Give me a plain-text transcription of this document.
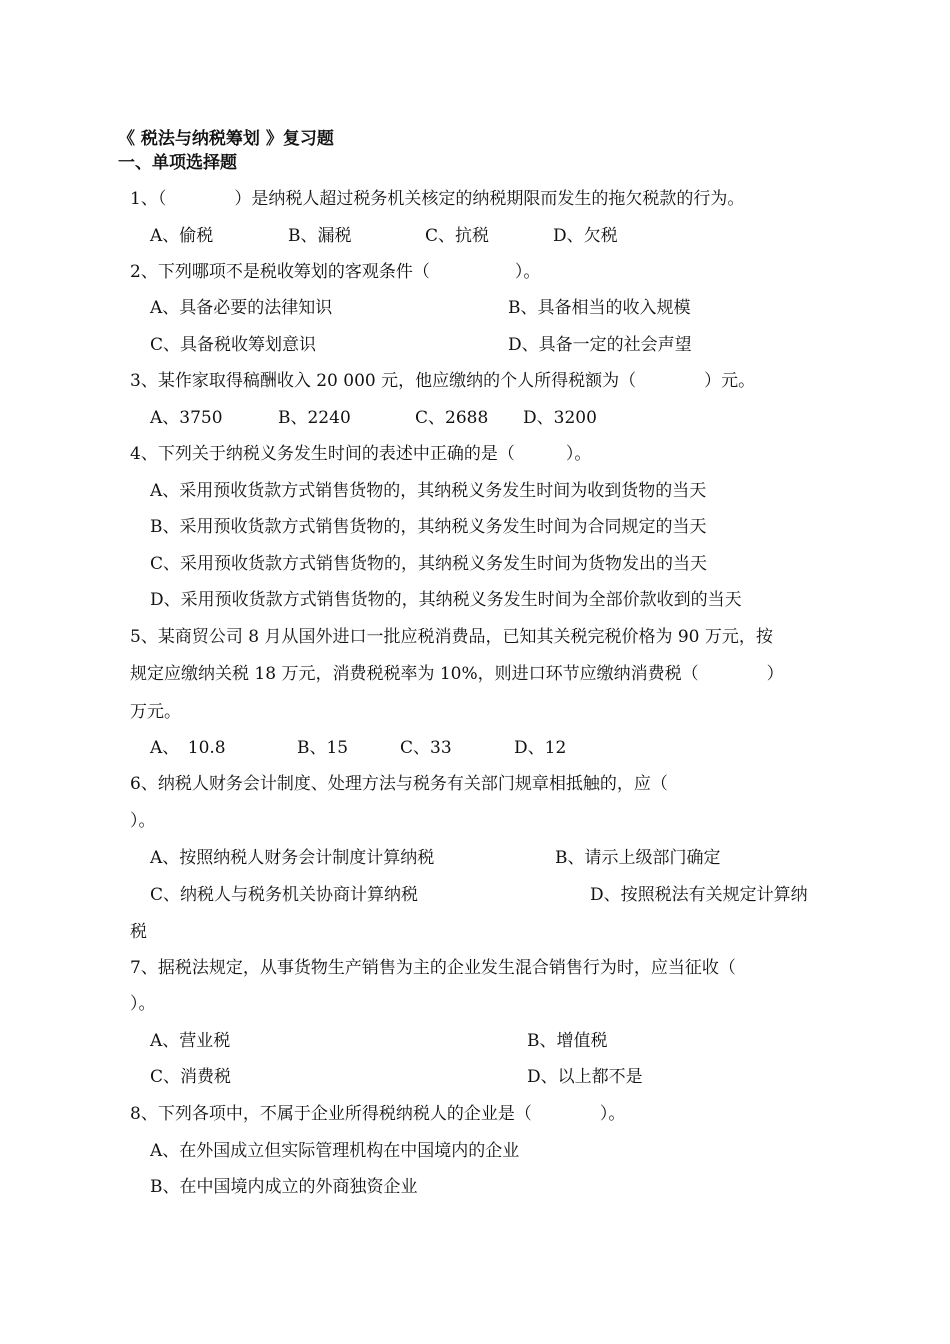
《 税法与纳税筹划 》复习题
一、单项选择题
1、（　　　　）是纳税人超过税务机关核定的纳税期限而发生的拖欠税款的行为。
A、偷税	B、漏税	C、抗税	D、欠税
2、下列哪项不是税收筹划的客观条件（　　　　　）。
A、具备必要的法律知识	B、具备相当的收入规模
C、具备税收筹划意识	D、具备一定的社会声望
3、某作家取得稿酬收入 20 000 元，他应缴纳的个人所得税额为（　　　　）元。
A、3750	B、2240	C、2688 D、3200
4、下列关于纳税义务发生时间的表述中正确的是（　　　）。
A、采用预收货款方式销售货物的，其纳税义务发生时间为收到货物的当天
B、采用预收货款方式销售货物的，其纳税义务发生时间为合同规定的当天
C、采用预收货款方式销售货物的，其纳税义务发生时间为货物发出的当天
D、采用预收货款方式销售货物的，其纳税义务发生时间为全部价款收到的当天
5、某商贸公司 8 月从国外进口一批应税消费品，已知其关税完税价格为 90 万元，按
规定应缴纳关税 18 万元，消费税税率为 10%，则进口环节应缴纳消费税（　　　　）
万元。
A、　10.8	B、15	C、33	D、12
6、纳税人财务会计制度、处理方法与税务有关部门规章相抵触的，应（
）。
A、按照纳税人财务会计制度计算纳税	B、请示上级部门确定
C、纳税人与税务机关协商计算纳税	D、按照税法有关规定计算纳
税
7、据税法规定，从事货物生产销售为主的企业发生混合销售行为时，应当征收（
）。
A、营业税	B、增值税
C、消费税	D、以上都不是
8、下列各项中，不属于企业所得税纳税人的企业是（　　　　）。
A、在外国成立但实际管理机构在中国境内的企业
B、在中国境内成立的外商独资企业
